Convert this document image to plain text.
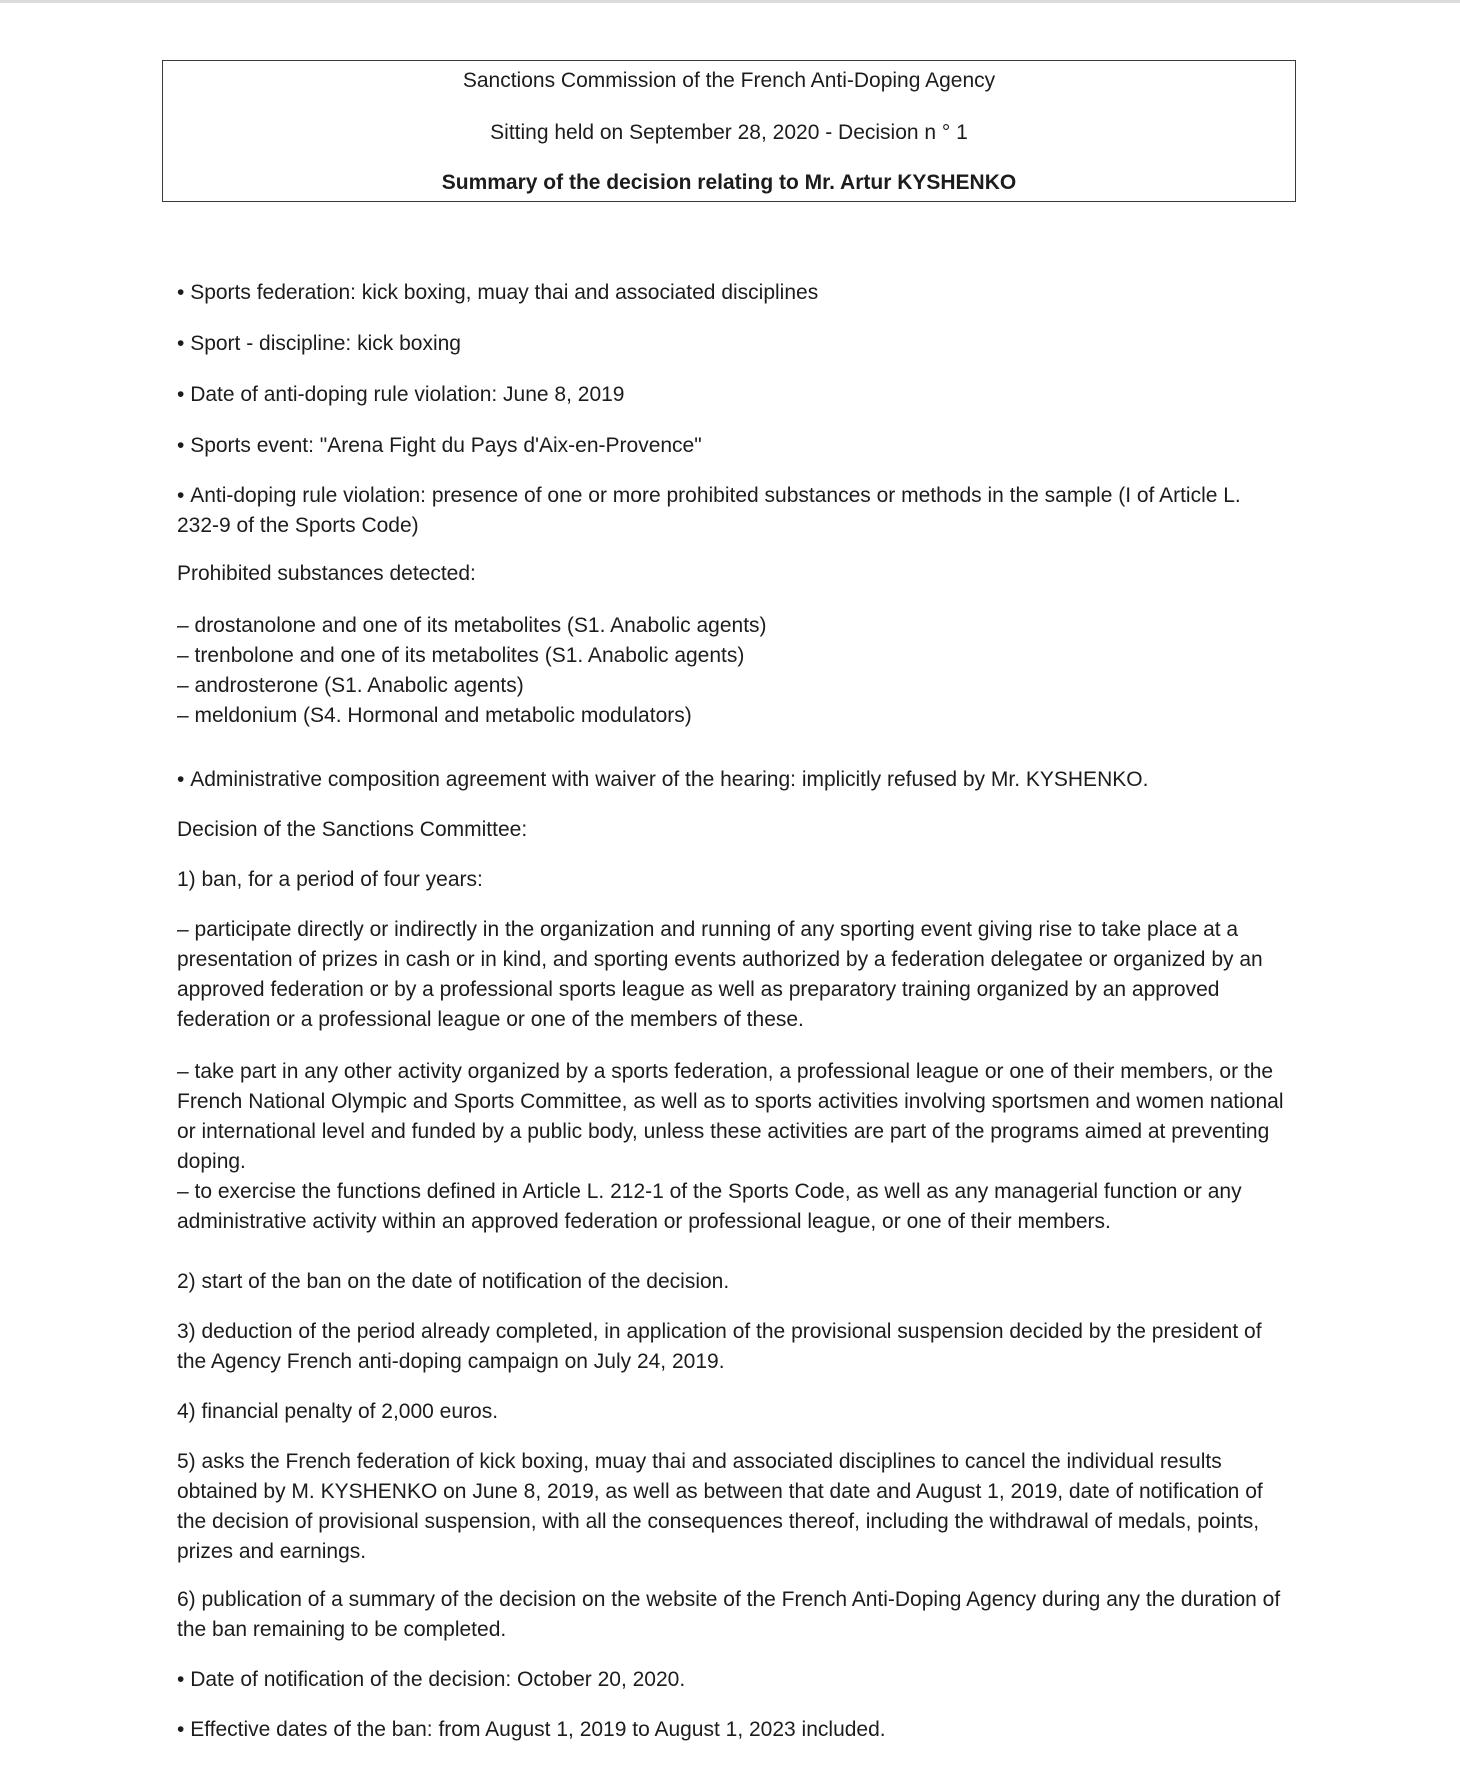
Sanctions Commission of the French Anti-Doping Agency
Sitting held on September 28, 2020 - Decision n ° 1
Summary of the decision relating to Mr. Artur KYSHENKO

• Sports federation: kick boxing, muay thai and associated disciplines

• Sport - discipline: kick boxing

• Date of anti-doping rule violation: June 8, 2019

• Sports event: "Arena Fight du Pays d'Aix-en-Provence"

• Anti-doping rule violation: presence of one or more prohibited substances or methods in the sample (I of Article L. 232-9 of the Sports Code)

Prohibited substances detected:

– drostanolone and one of its metabolites (S1. Anabolic agents)
– trenbolone and one of its metabolites (S1. Anabolic agents)
– androsterone (S1. Anabolic agents)
– meldonium (S4. Hormonal and metabolic modulators)

• Administrative composition agreement with waiver of the hearing: implicitly refused by Mr. KYSHENKO.

Decision of the Sanctions Committee:

1) ban, for a period of four years:

– participate directly or indirectly in the organization and running of any sporting event giving rise to take place at a presentation of prizes in cash or in kind, and sporting events authorized by a federation delegatee or organized by an approved federation or by a professional sports league as well as preparatory training organized by an approved federation or a professional league or one of the members of these.

– take part in any other activity organized by a sports federation, a professional league or one of their members, or the French National Olympic and Sports Committee, as well as to sports activities involving sportsmen and women national or international level and funded by a public body, unless these activities are part of the programs aimed at preventing doping.

– to exercise the functions defined in Article L. 212-1 of the Sports Code, as well as any managerial function or any administrative activity within an approved federation or professional league, or one of their members.

2) start of the ban on the date of notification of the decision.

3) deduction of the period already completed, in application of the provisional suspension decided by the president of the Agency French anti-doping campaign on July 24, 2019.

4) financial penalty of 2,000 euros.

5) asks the French federation of kick boxing, muay thai and associated disciplines to cancel the individual results obtained by M. KYSHENKO on June 8, 2019, as well as between that date and August 1, 2019, date of notification of the decision of provisional suspension, with all the consequences thereof, including the withdrawal of medals, points, prizes and earnings.

6) publication of a summary of the decision on the website of the French Anti-Doping Agency during any the duration of the ban remaining to be completed.

• Date of notification of the decision: October 20, 2020.

• Effective dates of the ban: from August 1, 2019 to August 1, 2023 included.
